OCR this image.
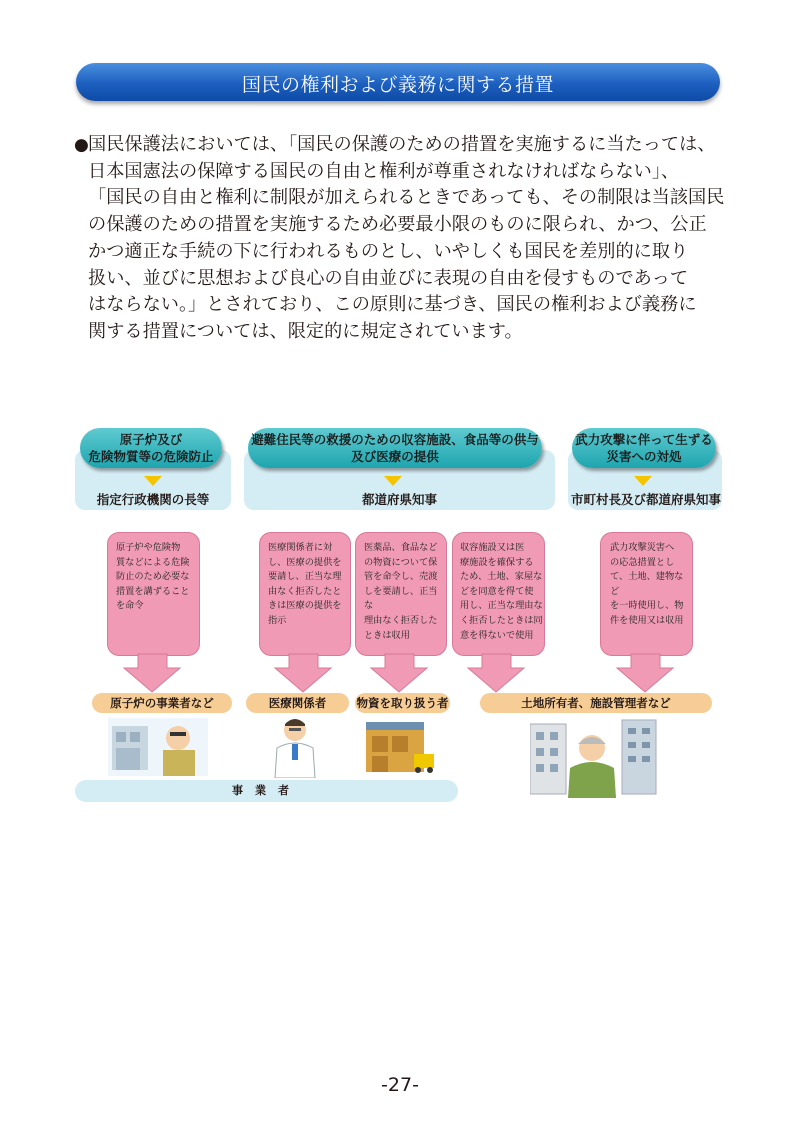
国民の権利および義務に関する措置
● 国民保護法においては、「国民の保護のための措置を実施するに当たっては、
日本国憲法の保障する国民の自由と権利が尊重されなければならない」、
「国民の自由と権利に制限が加えられるときであっても、その制限は当該国民
の保護のための措置を実施するため必要最小限のものに限られ、かつ、公正
かつ適正な手続の下に行われるものとし、いやしくも国民を差別的に取り
扱い、並びに思想および良心の自由並びに表現の自由を侵すものであって
はならない。」とされており、この原則に基づき、国民の権利および義務に
関する措置については、限定的に規定されています。
原子炉及び
危険物質等の危険防止
避難住民等の救援のための収容施設、食品等の供与
及び医療の提供
武力攻撃に伴って生ずる
災害への対処
指定行政機関の長等	都道府県知事	市町村長及び都道府県知事
原子炉や危険物
質などによる危険
防止のため必要な
措置を講ずること
を命令
医療関係者に対
し、医療の提供を
要請し、正当な理
由なく拒否したと
きは医療の提供を
指示
医薬品、食品など
の物資について保
管を命令し、売渡
しを要請し、正当な
理由なく拒否した
ときは収用
収容施設又は医
療施設を確保する
ため、土地、家屋な
どを同意を得て使
用し、正当な理由な
く拒否したときは同
意を得ないで使用
武力攻撃災害へ
の応急措置とし
て、土地、建物など
を一時使用し、物
件を使用又は収用
原子炉の事業者など	医療関係者	物資を取り扱う者	土地所有者、施設管理者など
事業者
-27-
